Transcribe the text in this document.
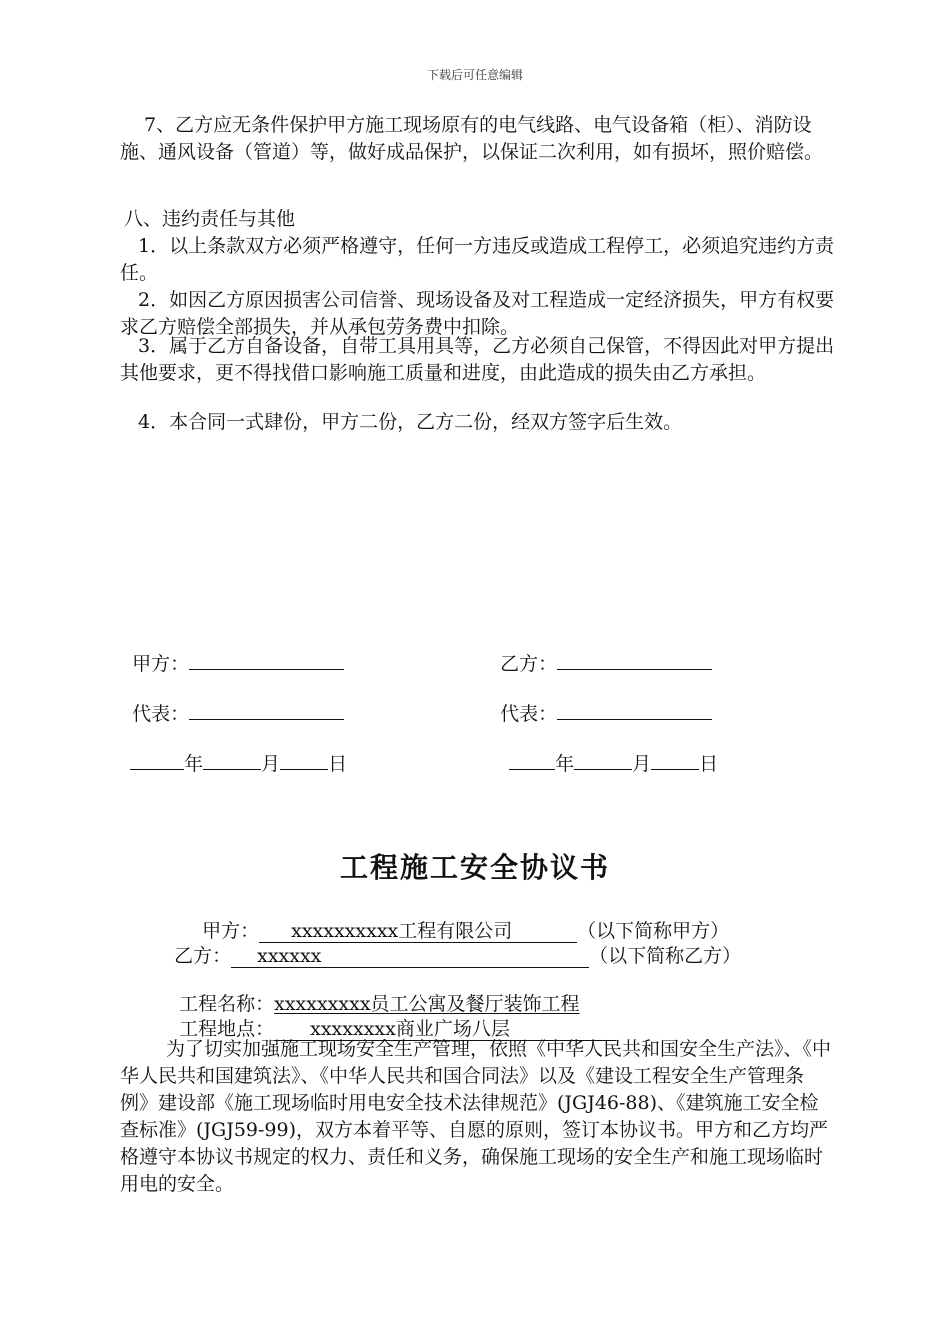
下载后可任意编辑
7、乙方应无条件保护甲方施工现场原有的电气线路、电气设备箱（柜）、消防设施、通风设备（管道）等，做好成品保护，以保证二次利用，如有损坏，照价赔偿。
八、违约责任与其他
1．以上条款双方必须严格遵守，任何一方违反或造成工程停工，必须追究违约方责任。
2．如因乙方原因损害公司信誉、现场设备及对工程造成一定经济损失，甲方有权要求乙方赔偿全部损失，并从承包劳务费中扣除。
3．属于乙方自备设备，自带工具用具等，乙方必须自己保管，不得因此对甲方提出其他要求，更不得找借口影响施工质量和进度，由此造成的损失由乙方承担。
4．本合同一式肆份，甲方二份，乙方二份，经双方签字后生效。

甲方：	乙方：

代表：	代表：

年	月	日	年	月	日

工程施工安全协议书

甲方： xxxxxxxxxx工程有限公司	（以下简称甲方）

乙方： xxxxxx	（以下简称乙方）

工程名称：xxxxxxxxx员工公寓及餐厅装饰工程

工程地点： xxxxxxxx商业广场八层

为了切实加强施工现场安全生产管理，依照《中华人民共和国安全生产法》、《中华人民共和国建筑法》、《中华人民共和国合同法》以及《建设工程安全生产管理条例》建设部《施工现场临时用电安全技术法律规范》(JGJ46-88)、《建筑施工安全检查标准》(JGJ59-99)，双方本着平等、自愿的原则，签订本协议书。甲方和乙方均严格遵守本协议书规定的权力、责任和义务，确保施工现场的安全生产和施工现场临时用电的安全。
